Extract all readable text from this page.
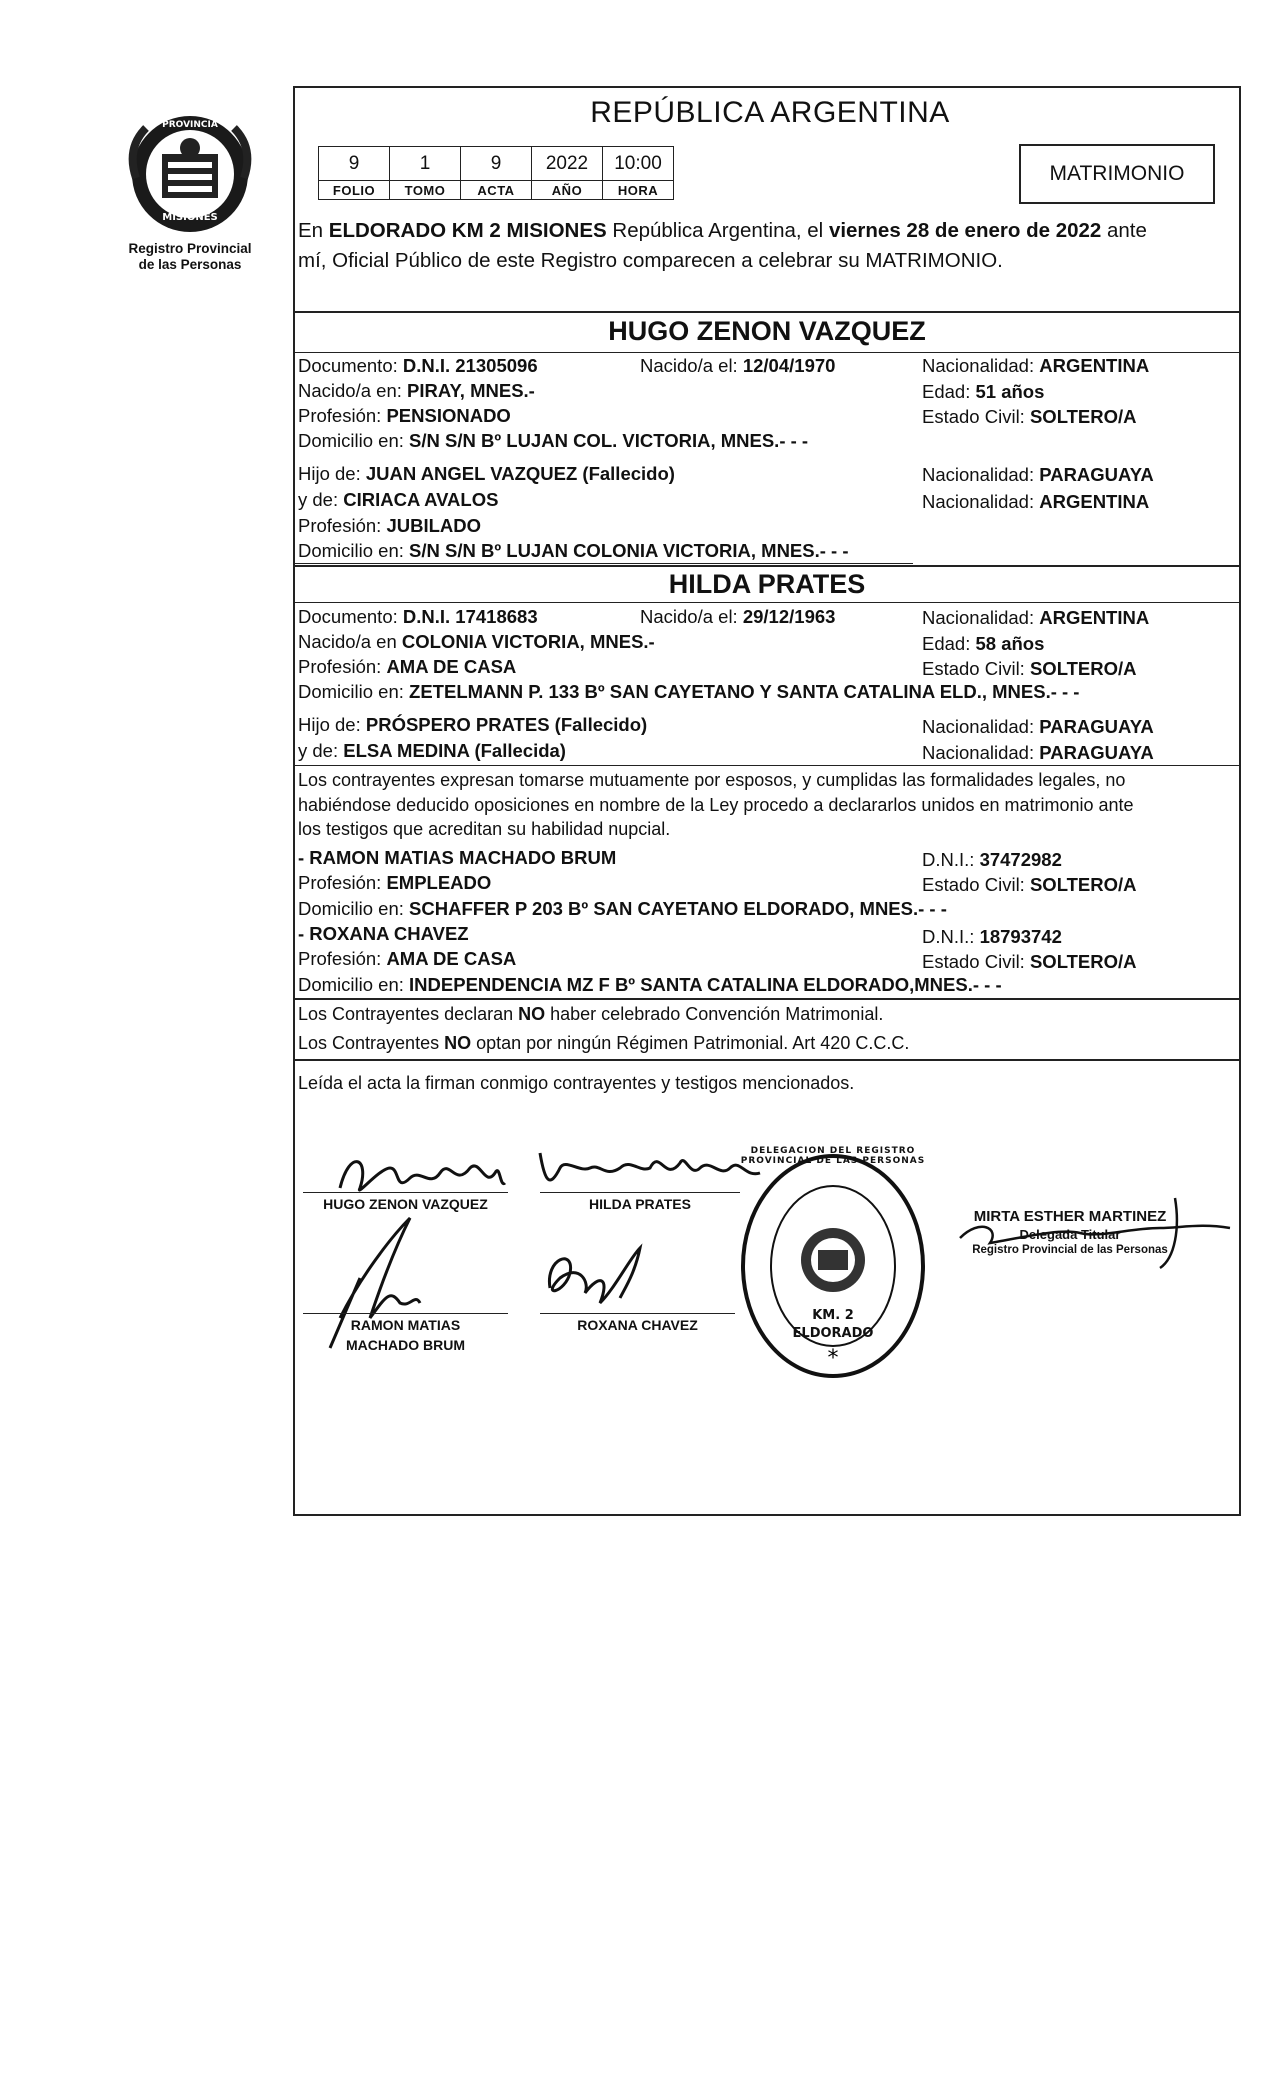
PROVINCIA
MISIONES
Registro Provincial
de las Personas
REPÚBLICA ARGENTINA
9	1	9	2022	10:00
FOLIO	TOMO	ACTA	AÑO	HORA
MATRIMONIO
En ELDORADO KM 2 MISIONES República Argentina, el viernes 28 de enero de 2022 ante
mí, Oficial Público de este Registro comparecen a celebrar su MATRIMONIO.
HUGO ZENON VAZQUEZ
Documento: D.N.I. 21305096	Nacido/a el: 12/04/1970	Nacionalidad: ARGENTINA
Nacido/a en: PIRAY, MNES.-	Edad: 51 años
Profesión: PENSIONADO	Estado Civil: SOLTERO/A
Domicilio en: S/N S/N Bº LUJAN COL. VICTORIA, MNES.- - -
Hijo de: JUAN ANGEL VAZQUEZ (Fallecido)	Nacionalidad: PARAGUAYA
y de: CIRIACA AVALOS	Nacionalidad: ARGENTINA
Profesión: JUBILADO
Domicilio en: S/N S/N Bº LUJAN COLONIA VICTORIA, MNES.- - -
HILDA PRATES
Documento: D.N.I. 17418683	Nacido/a el: 29/12/1963	Nacionalidad: ARGENTINA
Nacido/a en COLONIA VICTORIA, MNES.-	Edad: 58 años
Profesión: AMA DE CASA	Estado Civil: SOLTERO/A
Domicilio en: ZETELMANN P. 133 Bº SAN CAYETANO Y SANTA CATALINA ELD., MNES.- - -
Hijo de: PRÓSPERO PRATES (Fallecido)	Nacionalidad: PARAGUAYA
y de: ELSA MEDINA (Fallecida)	Nacionalidad: PARAGUAYA
Los contrayentes expresan tomarse mutuamente por esposos, y cumplidas las formalidades legales, no
habiéndose deducido oposiciones en nombre de la Ley procedo a declararlos unidos en matrimonio ante
los testigos que acreditan su habilidad nupcial.
- RAMON MATIAS MACHADO BRUM	D.N.I.: 37472982
Profesión: EMPLEADO	Estado Civil: SOLTERO/A
Domicilio en: SCHAFFER P 203 Bº SAN CAYETANO ELDORADO, MNES.- - -
- ROXANA CHAVEZ	D.N.I.: 18793742
Profesión: AMA DE CASA	Estado Civil: SOLTERO/A
Domicilio en: INDEPENDENCIA MZ F Bº SANTA CATALINA ELDORADO,MNES.- - -
Los Contrayentes declaran NO haber celebrado Convención Matrimonial.
Los Contrayentes NO optan por ningún Régimen Patrimonial. Art 420 C.C.C.
Leída el acta la firman conmigo contrayentes y testigos mencionados.
HUGO ZENON VAZQUEZ	HILDA PRATES
RAMON MATIAS
MACHADO BRUM
ROXANA CHAVEZ
*
DELEGACION DEL REGISTRO PROVINCIAL DE LAS PERSONAS
KM. 2
ELDORADO
MIRTA ESTHER MARTINEZ
Delegada Titular
Registro Provincial de las Personas
